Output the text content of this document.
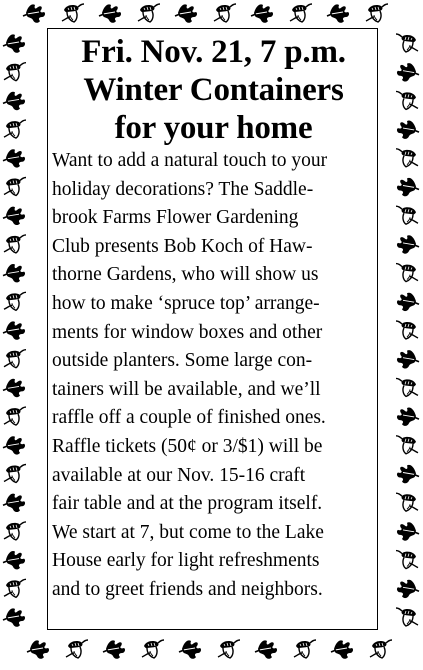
Fri. Nov. 21, 7 p.m.
Winter Containers
for your home

Want to add a natural touch to your
holiday decorations? The Saddle-
brook Farms Flower Gardening
Club presents Bob Koch of Haw-
thorne Gardens, who will show us
how to make ‘spruce top’ arrange-
ments for window boxes and other
outside planters. Some large con-
tainers will be available, and we’ll
raffle off a couple of finished ones.
Raffle tickets (50¢ or 3/$1) will be
available at our Nov. 15-16 craft
fair table and at the program itself.
We start at 7, but come to the Lake
House early for light refreshments
and to greet friends and neighbors.
